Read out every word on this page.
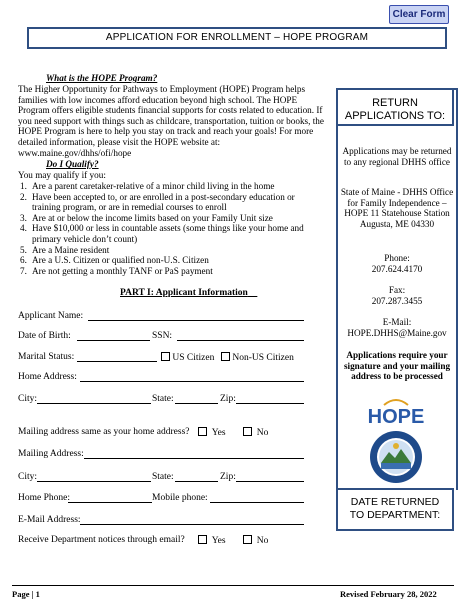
Clear Form
APPLICATION FOR ENROLLMENT – HOPE PROGRAM
What is the HOPE Program?
The Higher Opportunity for Pathways to Employment (HOPE) Program helps families with low incomes afford education beyond high school. The HOPE Program offers eligible students financial supports for costs related to education. If you need support with things such as childcare, transportation, tuition or books, the HOPE Program is here to help you stay on track and reach your goals! For more detailed information, please visit the HOPE website at: www.maine.gov/dhhs/ofi/hope
Do I Qualify?
You may qualify if you:
1. Are a parent caretaker-relative of a minor child living in the home
2. Have been accepted to, or are enrolled in a post-secondary education or training program, or are in remedial courses to enroll
3. Are at or below the income limits based on your Family Unit size
4. Have $10,000 or less in countable assets (some things like your home and primary vehicle don’t count)
5. Are a Maine resident
6. Are a U.S. Citizen or qualified non-U.S. Citizen
7. Are not getting a monthly TANF or PaS payment
PART I: Applicant Information
Applicant Name:
Date of Birth:	SSN:
Marital Status:	US Citizen	Non-US Citizen
Home Address:
City:	State:	Zip:
Mailing address same as your home address?	Yes	No
Mailing Address:
City:	State:	Zip:
Home Phone:	Mobile phone:
E-Mail Address:
Receive Department notices through email?	Yes	No
RETURN
APPLICATIONS TO:
Applications may be returned to any regional DHHS office
State of Maine - DHHS Office for Family Independence – HOPE 11 Statehouse Station Augusta, ME 04330
Phone:
207.624.4170
Fax:
207.287.3455
E-Mail:
HOPE.DHHS@Maine.gov
Applications require your signature and your mailing address to be processed
HOPE
DATE RETURNED
TO DEPARTMENT:
Page | 1	Revised February 28, 2022
